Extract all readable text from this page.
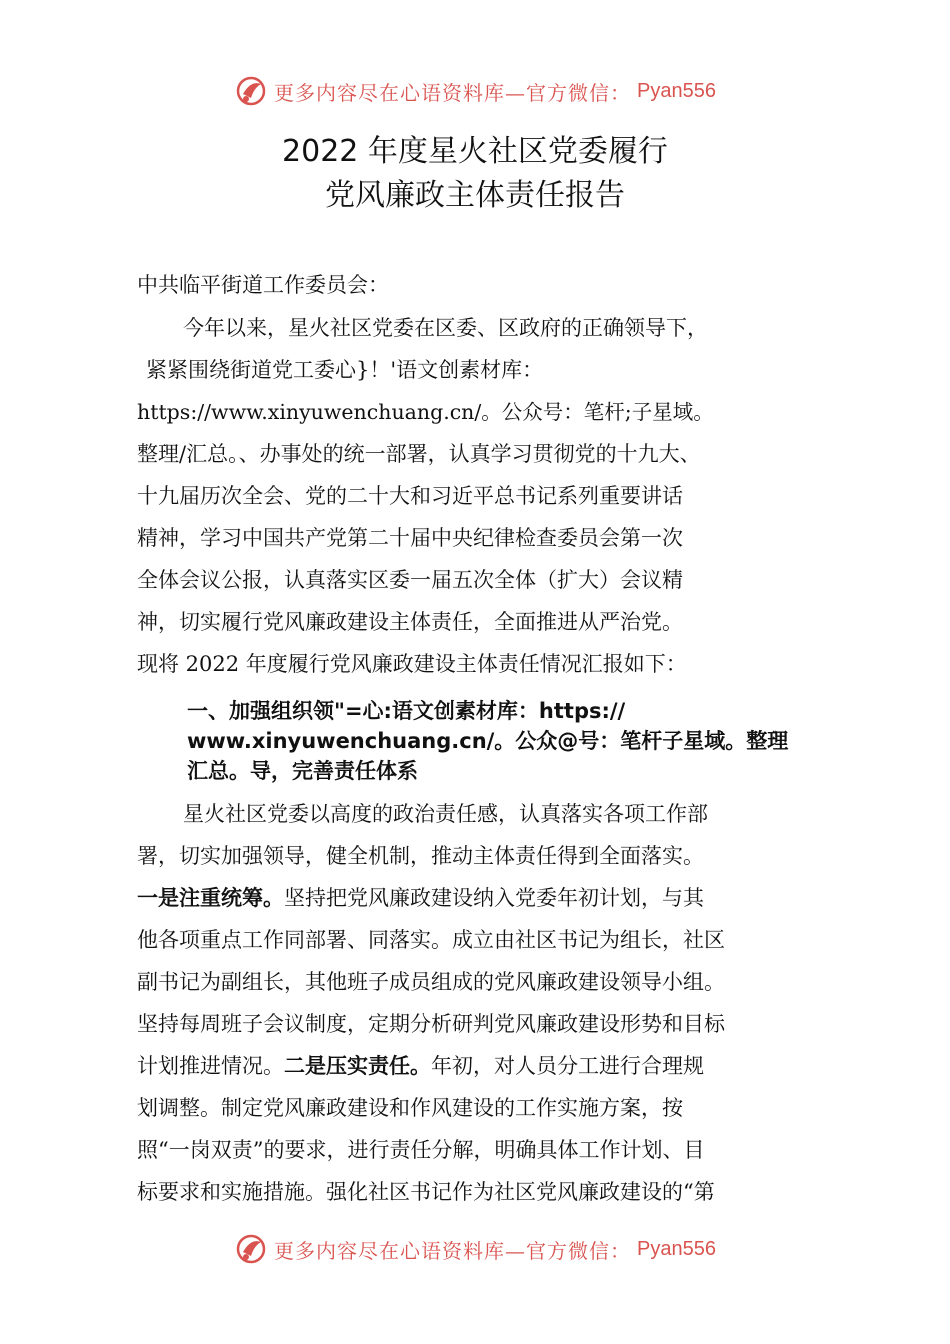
更多内容尽在心语资料库—官方微信： Pyan556
2022 年度星火社区党委履行
党风廉政主体责任报告
中共临平街道工作委员会：
今年以来，星火社区党委在区委、区政府的正确领导下，
紧紧围绕街道党工委心}！'语文创素材库：
https://www.xinyuwenchuang.cn/。公众号：笔杆;子星域。
整理/汇总。、办事处的统一部署，认真学习贯彻党的十九大、
十九届历次全会、党的二十大和习近平总书记系列重要讲话
精神，学习中国共产党第二十届中央纪律检查委员会第一次
全体会议公报，认真落实区委一届五次全体（扩大）会议精
神，切实履行党风廉政建设主体责任，全面推进从严治党。
现将 2022 年度履行党风廉政建设主体责任情况汇报如下：
一、加强组织领"=心:语文创素材库：https://
www.xinyuwenchuang.cn/。公众@号：笔杆子星域。整理
汇总。导，完善责任体系
星火社区党委以高度的政治责任感，认真落实各项工作部
署，切实加强领导，健全机制，推动主体责任得到全面落实。
一是注重统筹。坚持把党风廉政建设纳入党委年初计划，与其
他各项重点工作同部署、同落实。成立由社区书记为组长，社区
副书记为副组长，其他班子成员组成的党风廉政建设领导小组。
坚持每周班子会议制度，定期分析研判党风廉政建设形势和目标
计划推进情况。二是压实责任。年初，对人员分工进行合理规
划调整。制定党风廉政建设和作风建设的工作实施方案，按
照“一岗双责”的要求，进行责任分解，明确具体工作计划、目
标要求和实施措施。强化社区书记作为社区党风廉政建设的“第
更多内容尽在心语资料库—官方微信： Pyan556
